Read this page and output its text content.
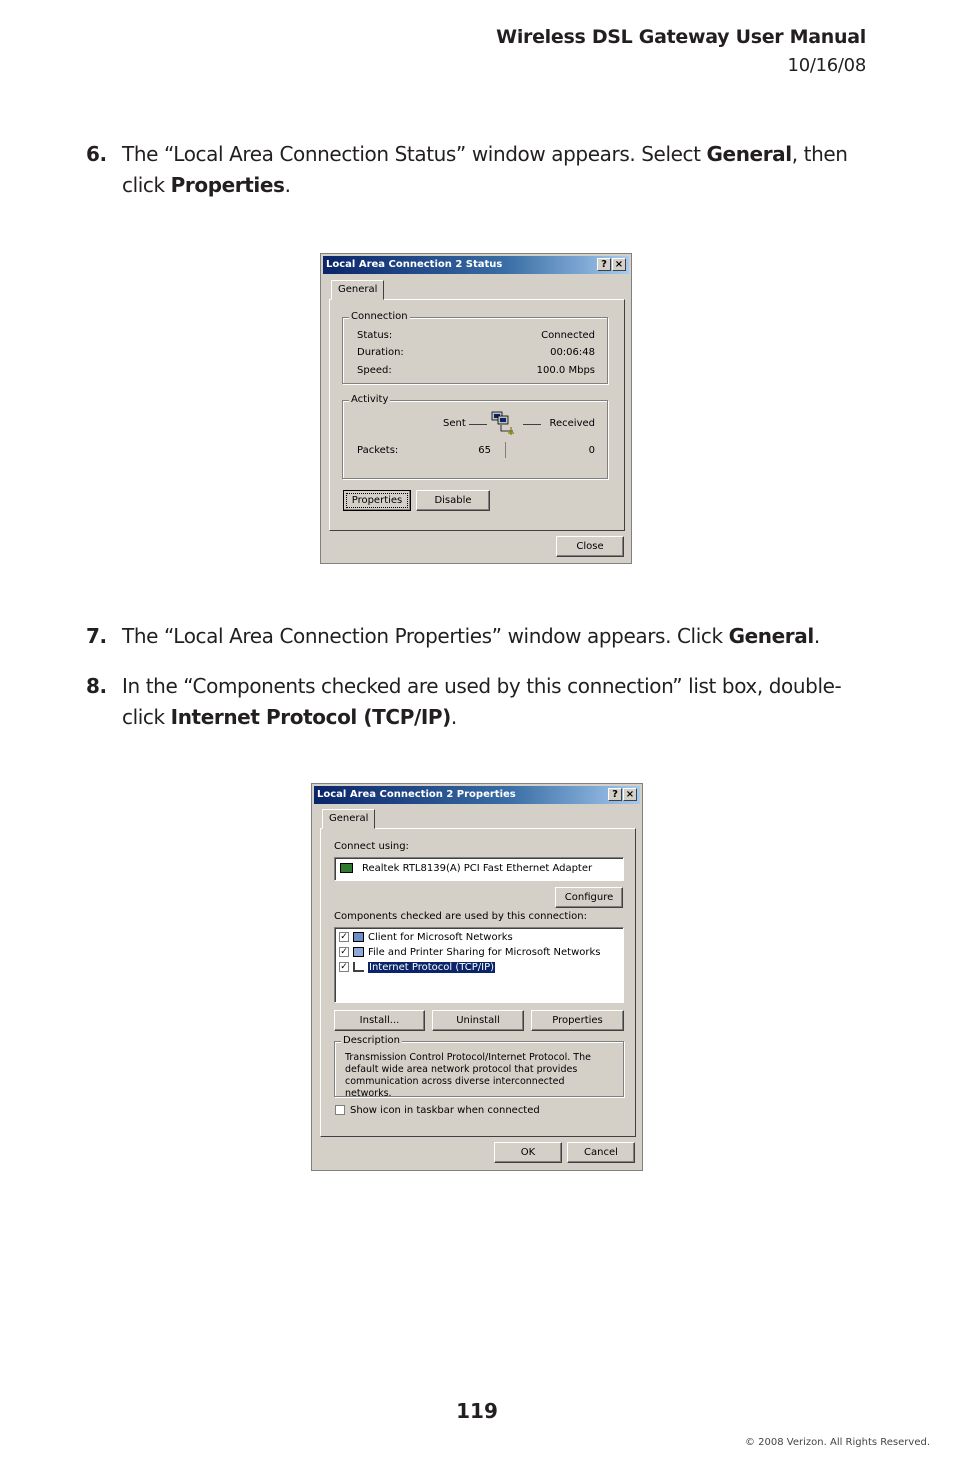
Wireless DSL Gateway User Manual
10/16/08
6. The “Local Area Connection Status” window appears. Select General, then
click Properties.
Local Area Connection 2 Status	? ×
General
Connection
Status:	Connected
Duration:	00:06:48
Speed:	100.0 Mbps
Activity
Sent	Received
Packets:	65	0
Properties	Disable
Close
7. The “Local Area Connection Properties” window appears. Click General.
8. In the “Components checked are used by this connection” list box, double-
click Internet Protocol (TCP/IP).
Local Area Connection 2 Properties	? ×
General
Connect using:
Realtek RTL8139(A) PCI Fast Ethernet Adapter
Configure
Components checked are used by this connection:
✓ Client for Microsoft Networks
✓ File and Printer Sharing for Microsoft Networks
✓ Internet Protocol (TCP/IP)
Install...	Uninstall	Properties
Description
Transmission Control Protocol/Internet Protocol. The default wide area network protocol that provides communication across diverse interconnected networks.
Show icon in taskbar when connected
OK	Cancel
119
© 2008 Verizon. All Rights Reserved.
